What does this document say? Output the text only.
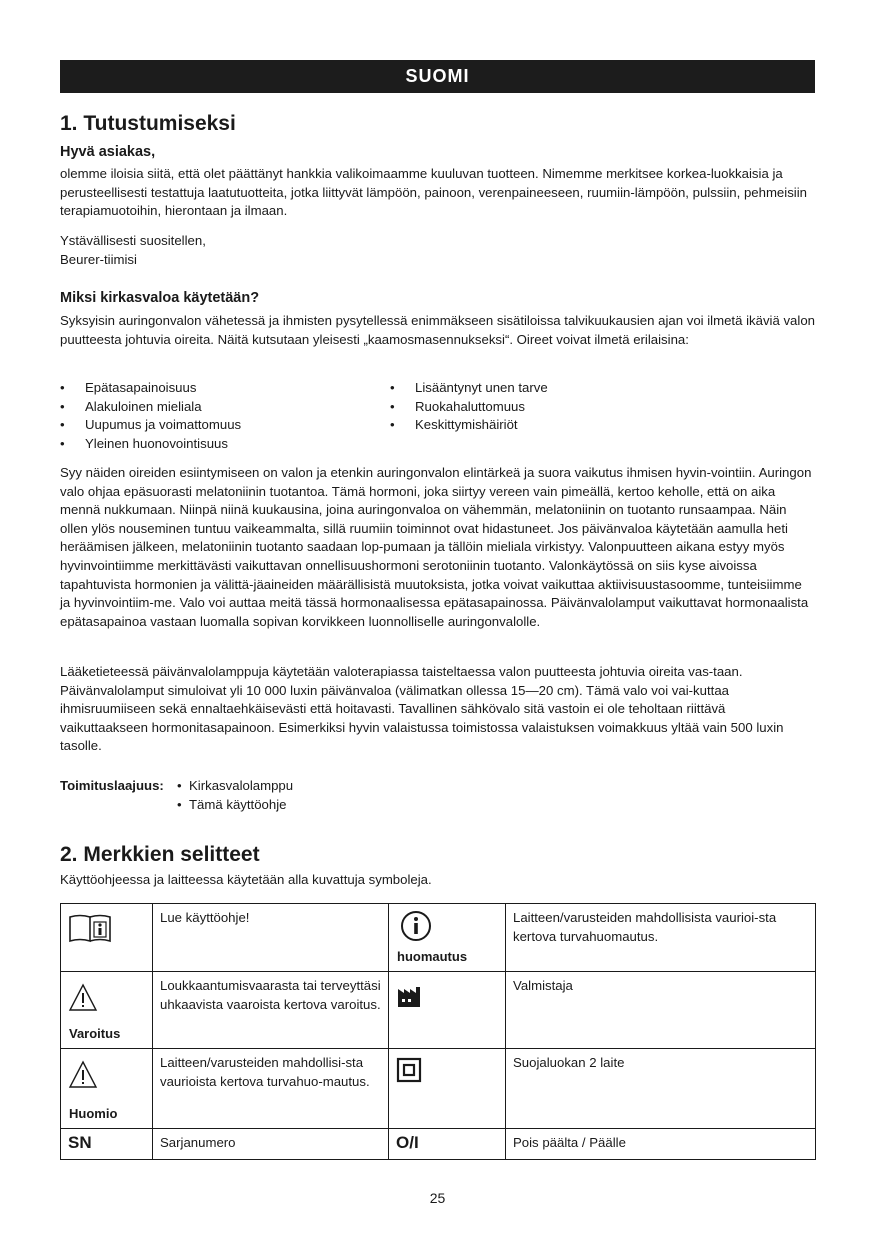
SUOMI
1. Tutustumiseksi
Hyvä asiakas,

olemme iloisia siitä, että olet päättänyt hankkia valikoimaamme kuuluvan tuotteen. Nimemme merkitsee korkea-luokkaisia ja perusteellisesti testattuja laatutuotteita, jotka liittyvät lämpöön, painoon, verenpaineeseen, ruumiin-lämpöön, pulssiin, pehmeisiin terapiamuotoihin, hierontaan ja ilmaan.

Ystävällisesti suositellen,

Beurer-tiimisi

Miksi kirkasvaloa käytetään?

Syksyisin auringonvalon vähetessä ja ihmisten pysytellessä enimmäkseen sisätiloissa talvikuukausien ajan voi ilmetä ikäviä valon puutteesta johtuvia oireita. Näitä kutsutaan yleisesti „kaamosmasennukseksi“. Oireet voivat ilmetä erilaisina:

• Epätasapainoisuus
• Alakuloinen mieliala
• Uupumus ja voimattomuus
• Yleinen huonovointisuus
• Lisääntynyt unen tarve
• Ruokahaluttomuus
• Keskittymishäiriöt

Syy näiden oireiden esiintymiseen on valon ja etenkin auringonvalon elintärkeä ja suora vaikutus ihmisen hyvin-vointiin. Auringon valo ohjaa epäsuorasti melatoniinin tuotantoa. Tämä hormoni, joka siirtyy vereen vain pimeällä, kertoo keholle, että on aika mennä nukkumaan. Niinpä niinä kuukausina, joina auringonvaloa on vähemmän, melatoniinin on tuotanto runsaampaa. Näin ollen ylös nouseminen tuntuu vaikeammalta, sillä ruumiin toiminnot ovat hidastuneet. Jos päivänvaloa käytetään aamulla heti heräämisen jälkeen, melatoniinin tuotanto saadaan lop-pumaan ja tällöin mieliala virkistyy. Valonpuutteen aikana estyy myös hyvinvointiimme merkittävästi vaikuttavan onnellisuushormoni serotoniinin tuotanto. Valonkäytössä on siis kyse aivoissa tapahtuvista hormonien ja välittä-jäaineiden määrällisistä muutoksista, jotka voivat vaikuttaa aktiivisuustasoomme, tunteisiimme ja hyvinvointiim-me. Valo voi auttaa meitä tässä hormonaalisessa epätasapainossa. Päivänvalolamput vaikuttavat hormonaalista epätasapainoa vastaan luomalla sopivan korvikkeen luonnolliselle auringonvalolle.

Lääketieteessä päivänvalolamppuja käytetään valoterapiassa taisteltaessa valon puutteesta johtuvia oireita vas-taan. Päivänvalolamput simuloivat yli 10 000 luxin päivänvaloa (välimatkan ollessa 15—20 cm). Tämä valo voi vai-kuttaa ihmisruumiiseen sekä ennaltaehkäisevästi että hoitavasti. Tavallinen sähkövalo sitä vastoin ei ole teholtaan riittävä vaikuttaakseen hormonitasapainoon. Esimerkiksi hyvin valaistussa toimistossa valaistuksen voimakkuus yltää vain 500 luxin tasolle.

Toimituslaajuus:	• Kirkasvalolamppu
• Tämä käyttöohje
2. Merkkien selitteet

Käyttöohjeessa ja laitteessa käytetään alla kuvattuja symboleja.

	Lue käyttöohje!	huomautus	Laitteen/varusteiden mahdollisista vaurioi-sta kertova turvahuomautus.

Varoitus	Loukkaantumisvaarasta tai terveyttäsi uhkaavista vaaroista kertova varoitus.		Valmistaja

Huomio	Laitteen/varusteiden mahdollisi-sta vaurioista kertova turvahuo-mautus.		Suojaluokan 2 laite
SN	Sarjanumero	O/I	Pois päälta / Päälle
25
